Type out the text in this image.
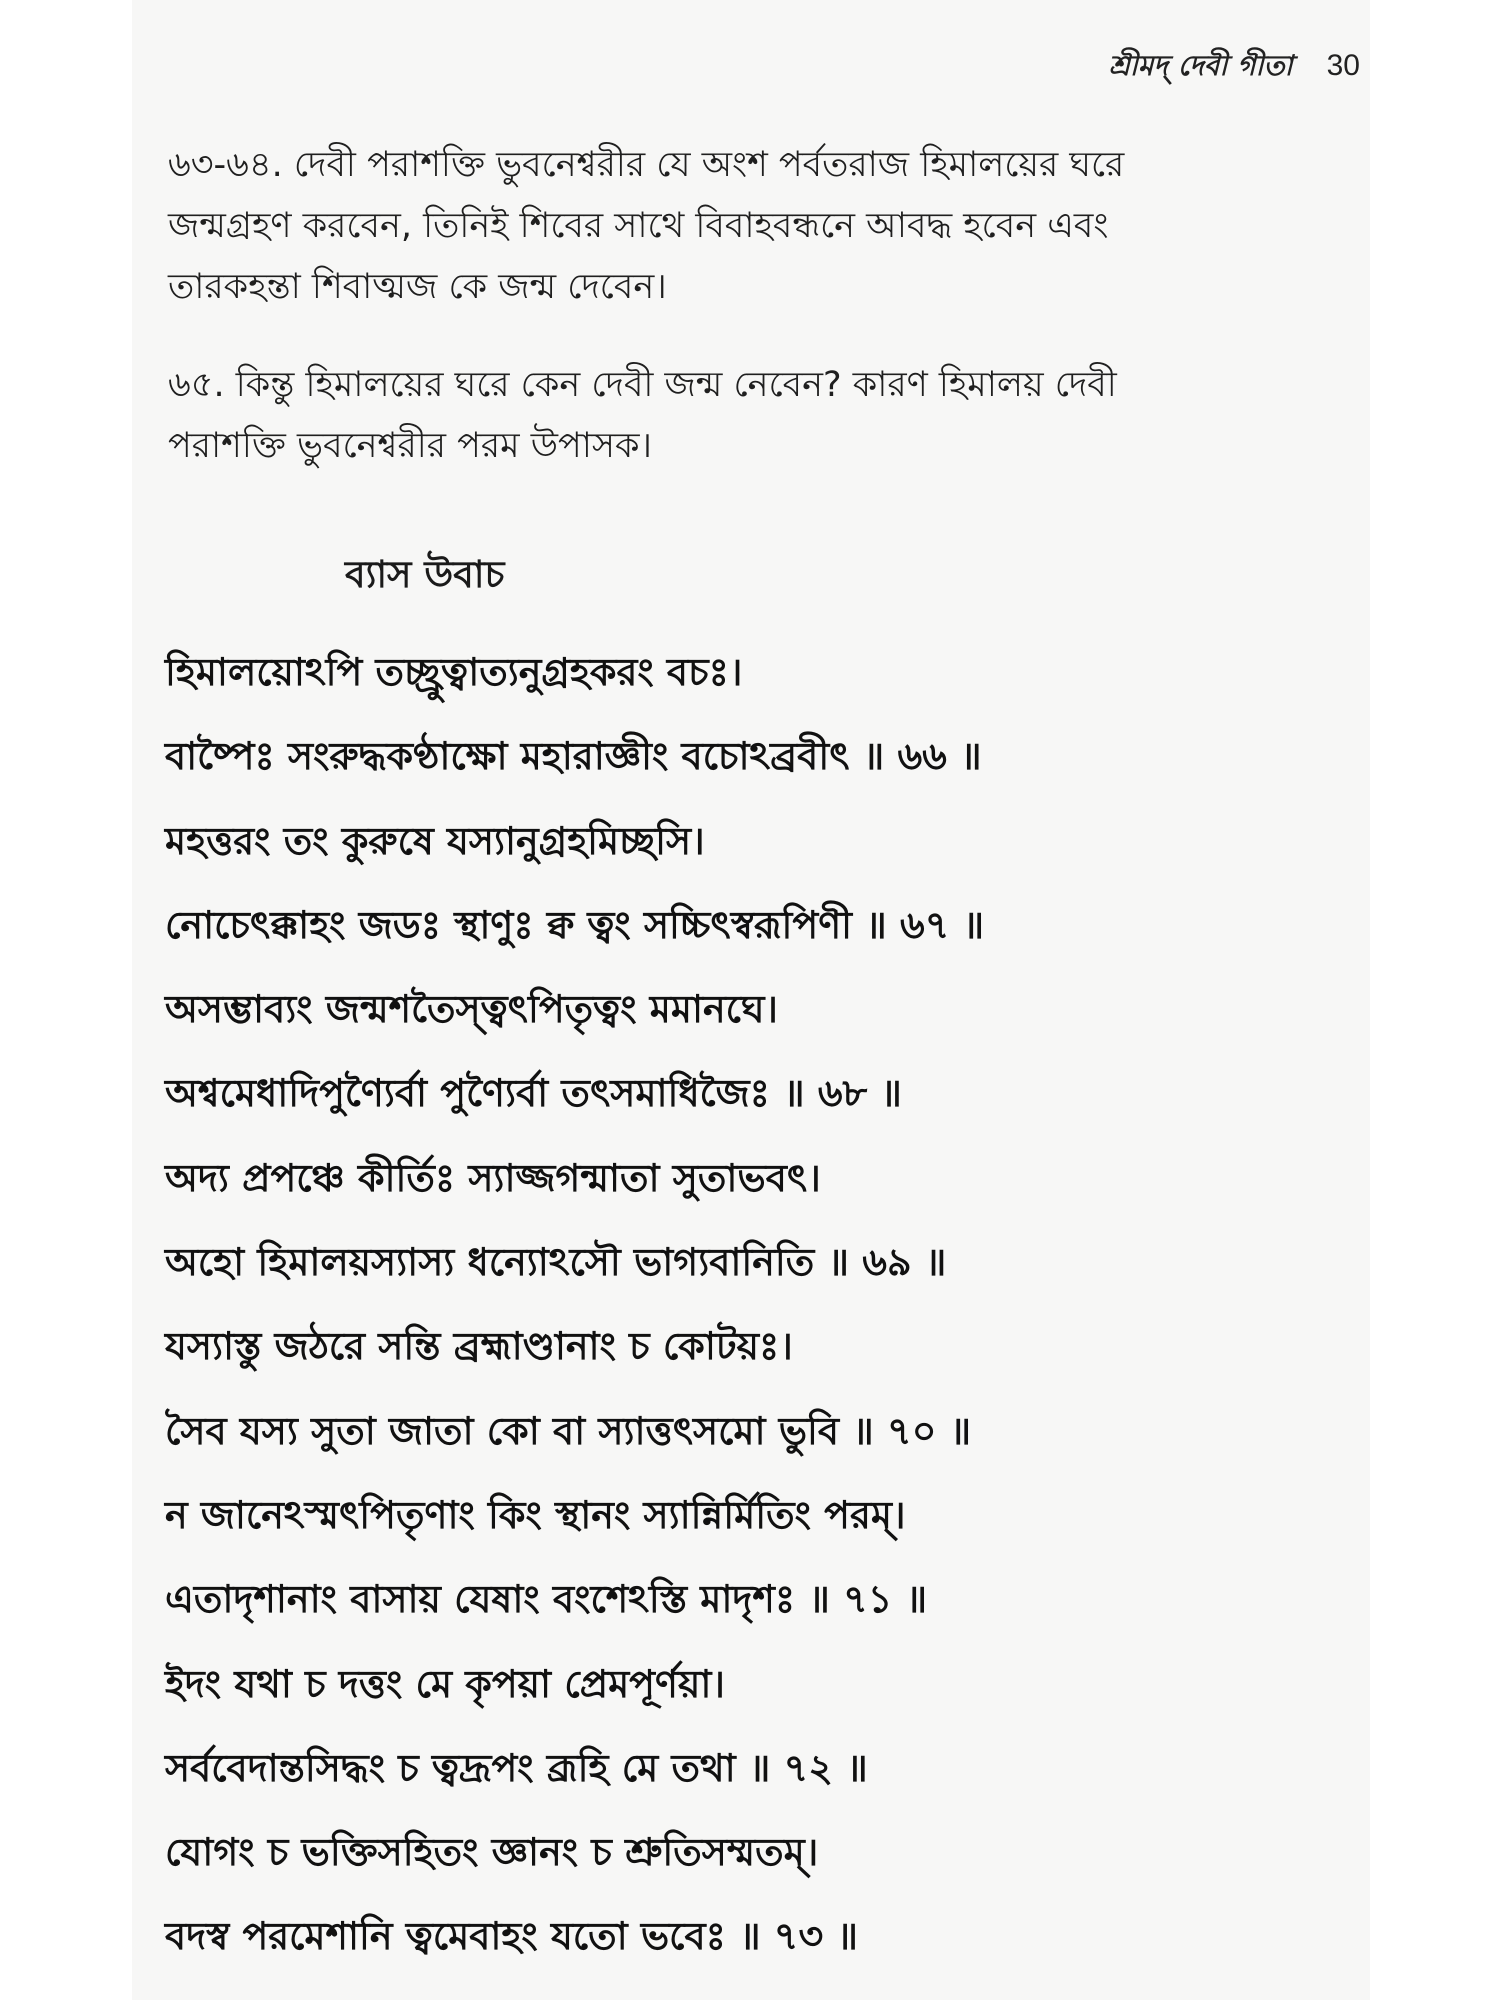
শ্রীমদ্ দেবী গীতা 30
৬৩-৬৪. দেবী পরাশক্তি ভুবনেশ্বরীর যে অংশ পর্বতরাজ হিমালয়ের ঘরে
জন্মগ্রহণ করবেন, তিনিই শিবের সাথে বিবাহবন্ধনে আবদ্ধ হবেন এবং
তারকহন্তা শিবাত্মজ কে জন্ম দেবেন।
৬৫. কিন্তু হিমালয়ের ঘরে কেন দেবী জন্ম নেবেন? কারণ হিমালয় দেবী
পরাশক্তি ভুবনেশ্বরীর পরম উপাসক।
ব্যাস উবাচ
হিমালয়োঽপি তচ্ছ্রুত্বাত্যনুগ্রহকরং বচঃ।
বাষ্পৈঃ সংরুদ্ধকণ্ঠাক্ষো মহারাজ্ঞীং বচোঽব্রবীৎ ॥ ৬৬ ॥
মহত্তরং তং কুরুষে যস্যানুগ্রহমিচ্ছসি।
নোচেৎক্কাহং জডঃ স্থাণুঃ ক্ব ত্বং সচ্চিৎস্বরূপিণী ॥ ৬৭ ॥
অসম্ভাব্যং জন্মশতৈস্ত্বৎপিতৃত্বং মমানঘে।
অশ্বমেধাদিপুণ্যৈর্বা পুণ্যৈর্বা তৎসমাধিজৈঃ ॥ ৬৮ ॥
অদ্য প্রপঞ্চে কীর্তিঃ স্যাজ্জগন্মাতা সুতাভবৎ।
অহো হিমালয়স্যাস্য ধন্যোঽসৌ ভাগ্যবানিতি ॥ ৬৯ ॥
যস্যাস্তু জঠরে সন্তি ব্রহ্মাণ্ডানাং চ কোটয়ঃ।
সৈব যস্য সুতা জাতা কো বা স্যাত্তৎসমো ভুবি ॥ ৭০ ॥
ন জানেঽস্মৎপিতৃণাং কিং স্থানং স্যান্নির্মিতিং পরম্।
এতাদৃশানাং বাসায় যেষাং বংশেঽস্তি মাদৃশঃ ॥ ৭১ ॥
ইদং যথা চ দত্তং মে কৃপয়া প্রেমপূর্ণয়া।
সর্ববেদান্তসিদ্ধং চ ত্বদ্রূপং ব্রূহি মে তথা ॥ ৭২ ॥
যোগং চ ভক্তিসহিতং জ্ঞানং চ শ্রুতিসম্মতম্।
বদস্ব পরমেশানি ত্বমেবাহং যতো ভবেঃ ॥ ৭৩ ॥
